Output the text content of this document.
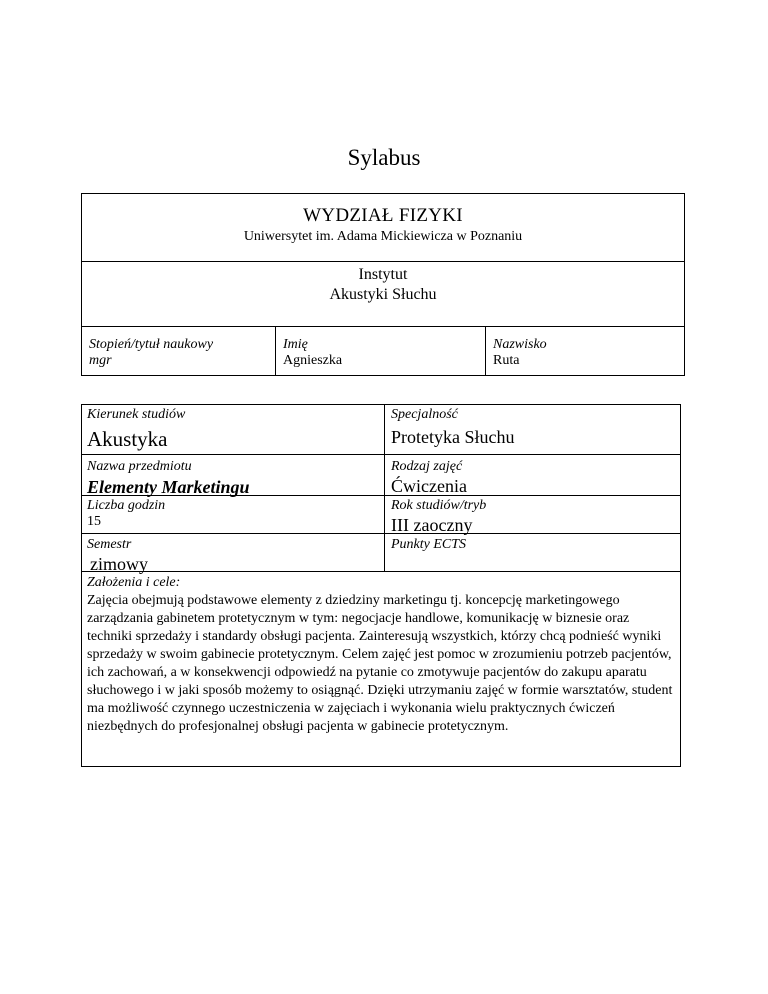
Sylabus
WYDZIAŁ FIZYKI
Uniwersytet im. Adama Mickiewicza w Poznaniu
Instytut
Akustyki Słuchu
Stopień/tytuł naukowy
mgr
Imię
Agnieszka
Nazwisko
Ruta
Kierunek studiów
Akustyka
Specjalność
Protetyka Słuchu
Nazwa przedmiotu
Elementy Marketingu
Rodzaj zajęć
Ćwiczenia
Liczba godzin
15
Rok studiów/tryb
III zaoczny
Semestr
zimowy
Punkty ECTS
Założenia i cele:
Zajęcia obejmują podstawowe elementy z dziedziny marketingu tj. koncepcję marketingowego zarządzania gabinetem protetycznym w tym: negocjacje handlowe, komunikację w biznesie oraz techniki sprzedaży i standardy obsługi pacjenta. Zainteresują wszystkich, którzy chcą podnieść wyniki sprzedaży w swoim gabinecie protetycznym. Celem zajęć jest pomoc w zrozumieniu potrzeb pacjentów, ich zachowań, a w konsekwencji odpowiedź na pytanie co zmotywuje pacjentów do zakupu aparatu słuchowego i w jaki sposób możemy to osiągnąć. Dzięki utrzymaniu zajęć w formie warsztatów, student ma możliwość czynnego uczestniczenia w zajęciach i wykonania wielu praktycznych ćwiczeń niezbędnych do profesjonalnej obsługi pacjenta w gabinecie protetycznym.
